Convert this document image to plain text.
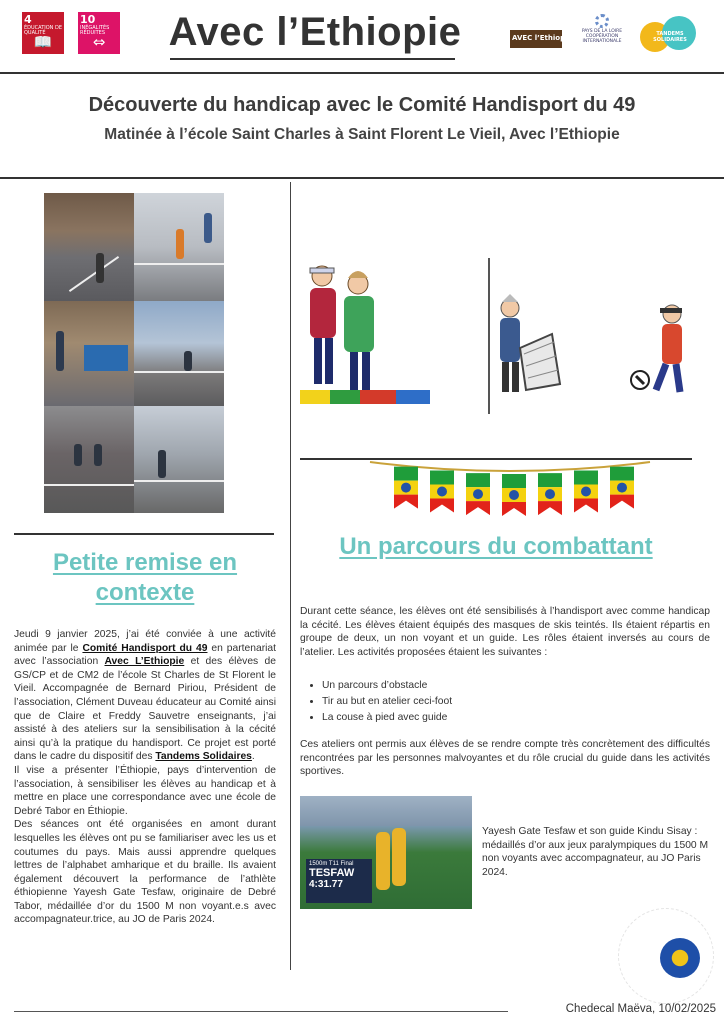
4 ÉDUCATION DE QUALITÉ
📖
10 INÉGALITÉS RÉDUITES
⇔	Avec l’Ethiopie	AVEC l’Ethiopie
PAYS DE LA LOIRE COOPÉRATION INTERNATIONALE
TANDEMS SOLIDAIRES
Découverte du handicap avec le Comité Handisport du 49
Matinée à l’école Saint Charles à Saint Florent Le Vieil, Avec l’Ethiopie
Petite remise en contexte

Jeudi 9 janvier 2025, j’ai été conviée à une activité animée par le Comité Handisport du 49 en partenariat avec l’association Avec L’Ethiopie et des élèves de GS/CP et de CM2 de l’école St Charles de St Florent le Vieil. Accompagnée de Bernard Piriou, Président de l’association, Clément Duveau éducateur au Comité ainsi que de Claire et Freddy Sauvetre enseignants, j’ai assisté à des ateliers sur la sensibilisation à la cécité ainsi qu’à la pratique du handisport. Ce projet est porté dans le cadre du dispositif des Tandems Solidaires.

Il vise a présenter l’Éthiopie, pays d’intervention de l’association, à sensibiliser les élèves au handicap et à mettre en place une correspondance avec une école de Debré Tabor en Éthiopie.

Des séances ont été organisées en amont durant lesquelles les élèves ont pu se familiariser avec les us et coutumes du pays. Mais aussi apprendre quelques lettres de l’alphabet amharique et du braille. Ils avaient également découvert la performance de l’athlète éthiopienne Yayesh Gate Tesfaw, originaire de Debré Tabor, médaillée d’or du 1500 M non voyant.e.s avec accompagnateur.trice, au JO de Paris 2024.

Un parcours du combattant

Durant cette séance, les élèves ont été sensibilisés à l’handisport avec comme handicap la cécité. Les élèves étaient équipés des masques de skis teintés. Ils étaient répartis en groupe de deux, un non voyant et un guide. Les rôles étaient inversés au cours de l’atelier. Les activités proposées étaient les suivantes :

• Un parcours d’obstacle
• Tir au but en atelier ceci-foot
• La couse à pied avec guide

Ces ateliers ont permis aux élèves de se rendre compte très concrètement des difficultés rencontrées par les personnes malvoyantes et du rôle crucial du guide dans les activités sportives.

1500m T11 Final
TESFAW
4:31.77

Yayesh Gate Tesfaw et son guide Kindu Sisay : médaillés d’or aux jeux paralympiques du 1500 M non voyants avec accompagnateur, au JO Paris 2024.

Chedecal Maëva, 10/02/2025
